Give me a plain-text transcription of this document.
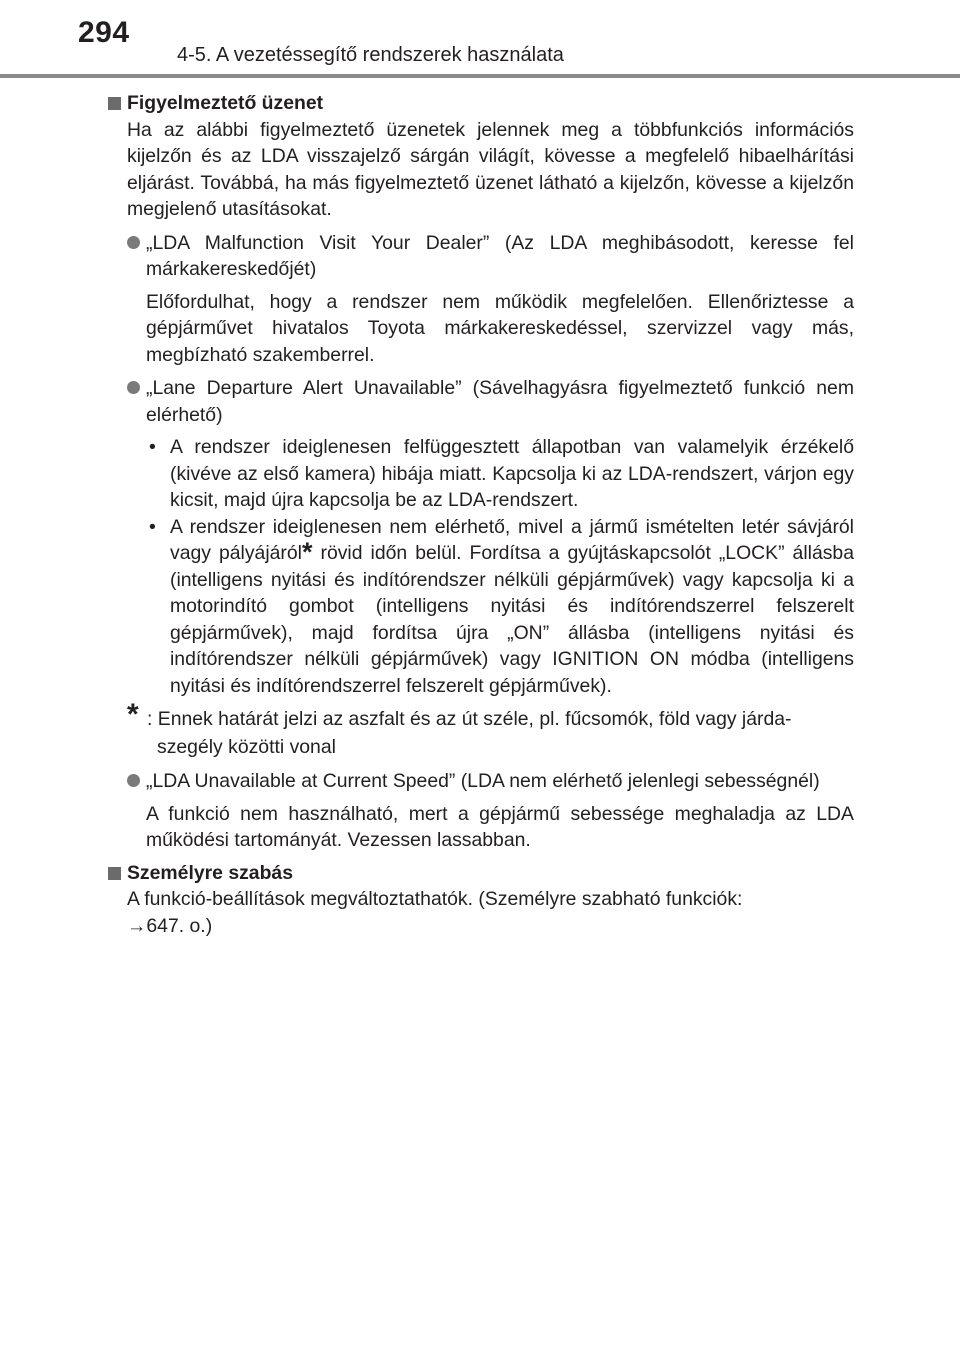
294
4-5. A vezetéssegítő rendszerek használata
Figyelmeztető üzenet
Ha az alábbi figyelmeztető üzenetek jelennek meg a többfunkciós információs kijelzőn és az LDA visszajelző sárgán világít, kövesse a megfelelő hibaelhárítási eljárást. Továbbá, ha más figyelmeztető üzenet látható a kijelzőn, kövesse a kijelzőn megjelenő utasításokat.
„LDA Malfunction Visit Your Dealer” (Az LDA meghibásodott, keresse fel márkakereskedőjét)
Előfordulhat, hogy a rendszer nem működik megfelelően. Ellenőriztesse a gépjárművet hivatalos Toyota márkakereskedéssel, szervizzel vagy más, megbízható szakemberrel.
„Lane Departure Alert Unavailable” (Sávelhagyásra figyelmeztető funkció nem elérhető)
• A rendszer ideiglenesen felfüggesztett állapotban van valamelyik érzékelő (kivéve az első kamera) hibája miatt. Kapcsolja ki az LDA-rendszert, várjon egy kicsit, majd újra kapcsolja be az LDA-rendszert.
• A rendszer ideiglenesen nem elérhető, mivel a jármű ismételten letér sávjáról vagy pályájáról* rövid időn belül. Fordítsa a gyújtáskapcsolót „LOCK” állásba (intelligens nyitási és indítórendszer nélküli gépjárművek) vagy kapcsolja ki a motorindító gombot (intelligens nyitási és indítórendszerrel felszerelt gépjárművek), majd fordítsa újra „ON” állásba (intelligens nyitási és indítórendszer nélküli gépjárművek) vagy IGNITION ON módba (intelligens nyitási és indítórendszerrel felszerelt gépjárművek).
* : Ennek határát jelzi az aszfalt és az út széle, pl. fűcsomók, föld vagy járda-
szegély közötti vonal
„LDA Unavailable at Current Speed” (LDA nem elérhető jelenlegi sebességnél)
A funkció nem használható, mert a gépjármű sebessége meghaladja az LDA működési tartományát. Vezessen lassabban.
Személyre szabás
A funkció-beállítások megváltoztathatók. (Személyre szabható funkciók:
→647. o.)
